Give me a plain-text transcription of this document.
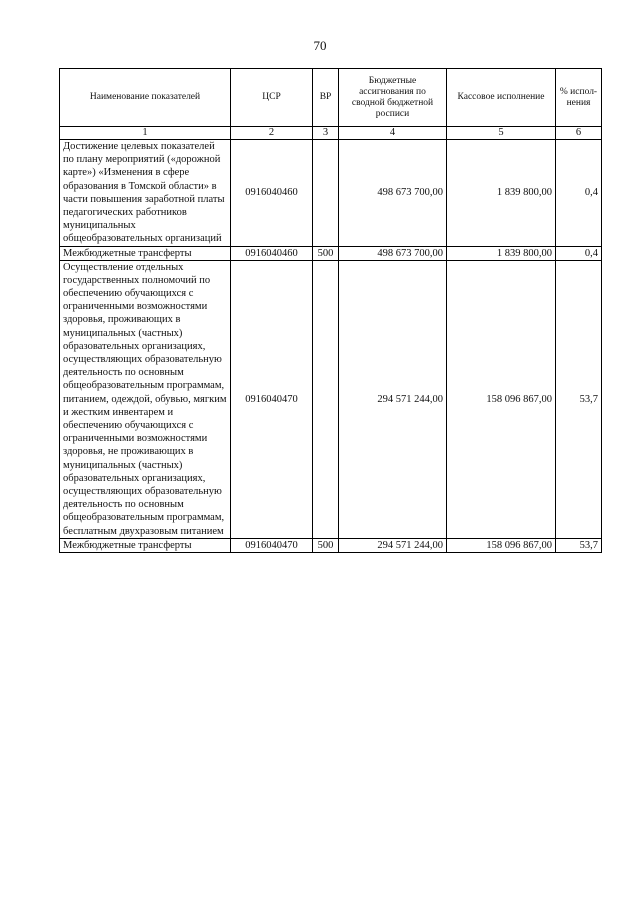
70
Наименование показателей	ЦСР	ВР	Бюджетные ассигнования по сводной бюджетной росписи	Кассовое исполнение	% испол-нения
1	2	3	4	5	6
Достижение целевых показателей по плану мероприятий («дорожной карте») «Изменения в сфере образования в Томской области» в части повышения заработной платы педагогических работников муниципальных общеобразовательных организаций	0916040460		498 673 700,00	1 839 800,00	0,4
Межбюджетные трансферты	0916040460	500	498 673 700,00	1 839 800,00	0,4
Осуществление отдельных государственных полномочий по обеспечению обучающихся с ограниченными возможностями здоровья, проживающих в муниципальных (частных) образовательных организациях, осуществляющих образовательную деятельность по основным общеобразовательным программам, питанием, одеждой, обувью, мягким и жестким инвентарем и обеспечению обучающихся с ограниченными возможностями здоровья, не проживающих в муниципальных (частных) образовательных организациях, осуществляющих образовательную деятельность по основным общеобразовательным программам, бесплатным двухразовым питанием	0916040470		294 571 244,00	158 096 867,00	53,7
Межбюджетные трансферты	0916040470	500	294 571 244,00	158 096 867,00	53,7
